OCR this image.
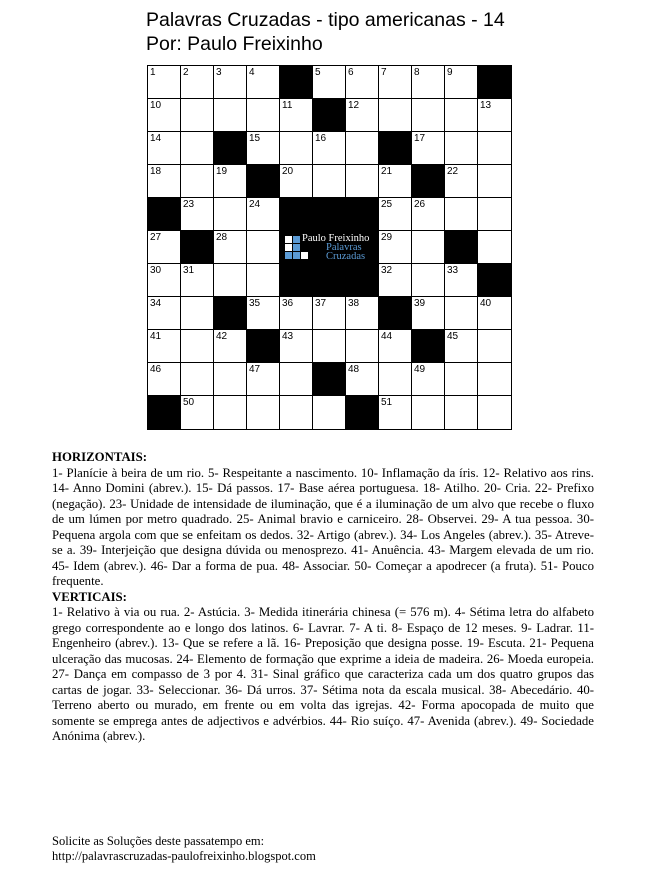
Palavras Cruzadas - tipo americanas - 14
Por: Paulo Freixinho
1	2	3	4	5	6	7	8	9
10	11	12	13
14	15	16	17
18	19	20	21	22
23	24	25 26
27	28	29
30 31	32	33
34	35 36 37 38	39	40
41	42	43	44	45
46	47	48	49
50	51
Paulo Freixinho
Palavras
Cruzadas

HORIZONTAIS:

1- Planície à beira de um rio. 5- Respeitante a nascimento. 10- Inflamação da íris. 12- Relativo aos rins. 14- Anno Domini (abrev.). 15- Dá passos. 17- Base aérea portuguesa. 18- Atilho. 20- Cria. 22- Prefixo (negação). 23- Unidade de intensidade de iluminação, que é a iluminação de um alvo que recebe o fluxo de um lúmen por metro quadrado. 25- Animal bravio e carniceiro. 28- Observei. 29- A tua pessoa. 30- Pequena argola com que se enfeitam os dedos. 32- Artigo (abrev.). 34- Los Angeles (abrev.). 35- Atreve-se a. 39- Interjeição que designa dúvida ou menosprezo. 41- Anuência. 43- Margem elevada de um rio. 45- Idem (abrev.). 46- Dar a forma de pua. 48- Associar. 50- Começar a apodrecer (a fruta). 51- Pouco frequente.

VERTICAIS:

1- Relativo à via ou rua. 2- Astúcia. 3- Medida itinerária chinesa (= 576 m). 4- Sétima letra do alfabeto grego correspondente ao e longo dos latinos. 6- Lavrar. 7- A ti. 8- Espaço de 12 meses. 9- Ladrar. 11- Engenheiro (abrev.). 13- Que se refere a lã. 16- Preposição que designa posse. 19- Escuta. 21- Pequena ulceração das mucosas. 24- Elemento de formação que exprime a ideia de madeira. 26- Moeda europeia. 27- Dança em compasso de 3 por 4. 31- Sinal gráfico que caracteriza cada um dos quatro grupos das cartas de jogar. 33- Seleccionar. 36- Dá urros. 37- Sétima nota da escala musical. 38- Abecedário. 40- Terreno aberto ou murado, em frente ou em volta das igrejas. 42- Forma apocopada de muito que somente se emprega antes de adjectivos e advérbios. 44- Rio suíço. 47- Avenida (abrev.). 49- Sociedade Anónima (abrev.).

Solicite as Soluções deste passatempo em:
http://palavrascruzadas-paulofreixinho.blogspot.com
